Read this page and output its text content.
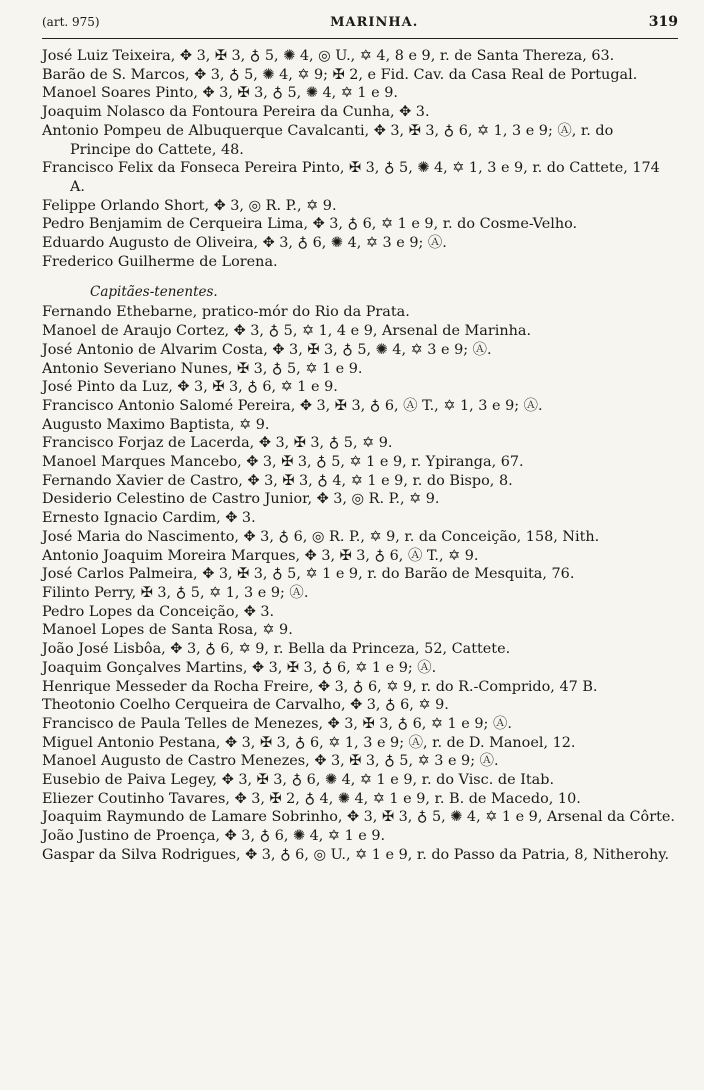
(art. 975)	MARINHA.	319

José Luiz Teixeira, ✥ 3, ✠ 3, ♁ 5, ✺ 4, ◎ U., ✡ 4, 8 e 9, r. de Santa Thereza, 63.

Barão de S. Marcos, ✥ 3, ♁ 5, ✺ 4, ✡ 9; ✠ 2, e Fid. Cav. da Casa Real de Portugal.

Manoel Soares Pinto, ✥ 3, ✠ 3, ♁ 5, ✺ 4, ✡ 1 e 9.

Joaquim Nolasco da Fontoura Pereira da Cunha, ✥ 3.

Antonio Pompeu de Albuquerque Cavalcanti, ✥ 3, ✠ 3, ♁ 6, ✡ 1, 3 e 9; Ⓐ, r. do Principe do Cattete, 48.

Francisco Felix da Fonseca Pereira Pinto, ✠ 3, ♁ 5, ✺ 4, ✡ 1, 3 e 9, r. do Cattete, 174 A.

Felippe Orlando Short, ✥ 3, ◎ R. P., ✡ 9.

Pedro Benjamim de Cerqueira Lima, ✥ 3, ♁ 6, ✡ 1 e 9, r. do Cosme-Velho.

Eduardo Augusto de Oliveira, ✥ 3, ♁ 6, ✺ 4, ✡ 3 e 9; Ⓐ.

Frederico Guilherme de Lorena.

Capitães-tenentes.

Fernando Ethebarne, pratico-mór do Rio da Prata.

Manoel de Araujo Cortez, ✥ 3, ♁ 5, ✡ 1, 4 e 9, Arsenal de Marinha.

José Antonio de Alvarim Costa, ✥ 3, ✠ 3, ♁ 5, ✺ 4, ✡ 3 e 9; Ⓐ.

Antonio Severiano Nunes, ✠ 3, ♁ 5, ✡ 1 e 9.

José Pinto da Luz, ✥ 3, ✠ 3, ♁ 6, ✡ 1 e 9.

Francisco Antonio Salomé Pereira, ✥ 3, ✠ 3, ♁ 6, Ⓐ T., ✡ 1, 3 e 9; Ⓐ.

Augusto Maximo Baptista, ✡ 9.

Francisco Forjaz de Lacerda, ✥ 3, ✠ 3, ♁ 5, ✡ 9.

Manoel Marques Mancebo, ✥ 3, ✠ 3, ♁ 5, ✡ 1 e 9, r. Ypiranga, 67.

Fernando Xavier de Castro, ✥ 3, ✠ 3, ♁ 4, ✡ 1 e 9, r. do Bispo, 8.

Desiderio Celestino de Castro Junior, ✥ 3, ◎ R. P., ✡ 9.

Ernesto Ignacio Cardim, ✥ 3.

José Maria do Nascimento, ✥ 3, ♁ 6, ◎ R. P., ✡ 9, r. da Conceição, 158, Nith.

Antonio Joaquim Moreira Marques, ✥ 3, ✠ 3, ♁ 6, Ⓐ T., ✡ 9.

José Carlos Palmeira, ✥ 3, ✠ 3, ♁ 5, ✡ 1 e 9, r. do Barão de Mesquita, 76.

Filinto Perry, ✠ 3, ♁ 5, ✡ 1, 3 e 9; Ⓐ.

Pedro Lopes da Conceição, ✥ 3.

Manoel Lopes de Santa Rosa, ✡ 9.

João José Lisbôa, ✥ 3, ♁ 6, ✡ 9, r. Bella da Princeza, 52, Cattete.

Joaquim Gonçalves Martins, ✥ 3, ✠ 3, ♁ 6, ✡ 1 e 9; Ⓐ.

Henrique Messeder da Rocha Freire, ✥ 3, ♁ 6, ✡ 9, r. do R.-Comprido, 47 B.

Theotonio Coelho Cerqueira de Carvalho, ✥ 3, ♁ 6, ✡ 9.

Francisco de Paula Telles de Menezes, ✥ 3, ✠ 3, ♁ 6, ✡ 1 e 9; Ⓐ.

Miguel Antonio Pestana, ✥ 3, ✠ 3, ♁ 6, ✡ 1, 3 e 9; Ⓐ, r. de D. Manoel, 12.

Manoel Augusto de Castro Menezes, ✥ 3, ✠ 3, ♁ 5, ✡ 3 e 9; Ⓐ.

Eusebio de Paiva Legey, ✥ 3, ✠ 3, ♁ 6, ✺ 4, ✡ 1 e 9, r. do Visc. de Itab.

Eliezer Coutinho Tavares, ✥ 3, ✠ 2, ♁ 4, ✺ 4, ✡ 1 e 9, r. B. de Macedo, 10.

Joaquim Raymundo de Lamare Sobrinho, ✥ 3, ✠ 3, ♁ 5, ✺ 4, ✡ 1 e 9, Arsenal da Côrte.

João Justino de Proença, ✥ 3, ♁ 6, ✺ 4, ✡ 1 e 9.

Gaspar da Silva Rodrigues, ✥ 3, ♁ 6, ◎ U., ✡ 1 e 9, r. do Passo da Patria, 8, Nitherohy.
